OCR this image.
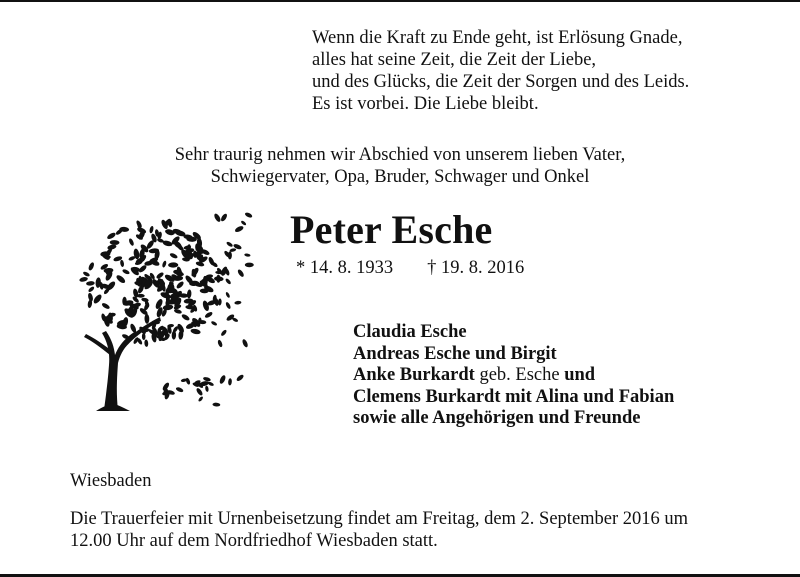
Wenn die Kraft zu Ende geht, ist Erlösung Gnade,
alles hat seine Zeit, die Zeit der Liebe,
und des Glücks, die Zeit der Sorgen und des Leids.
Es ist vorbei. Die Liebe bleibt.
Sehr traurig nehmen wir Abschied von unserem lieben Vater,
Schwiegervater, Opa, Bruder, Schwager und Onkel
Peter Esche
* 14. 8. 1933 † 19. 8. 2016
Claudia Esche
Andreas Esche und Birgit
Anke Burkardt geb. Esche und
Clemens Burkardt mit Alina und Fabian
sowie alle Angehörigen und Freunde
Wiesbaden
Die Trauerfeier mit Urnenbeisetzung findet am Freitag, dem 2. September 2016 um
12.00 Uhr auf dem Nordfriedhof Wiesbaden statt.
